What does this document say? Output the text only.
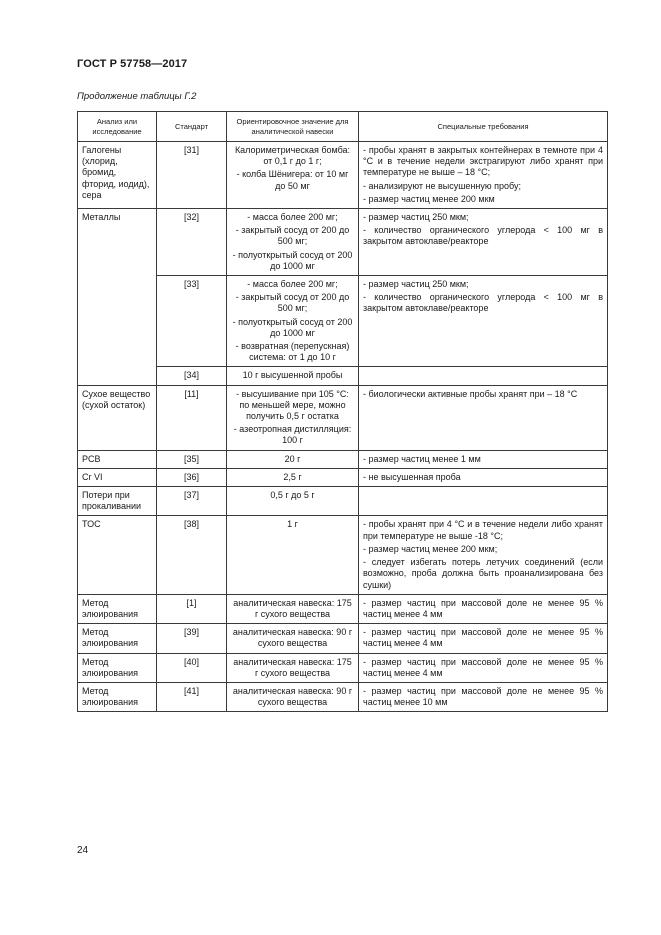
ГОСТ Р 57758—2017
Продолжение таблицы Г.2
Анализ или исследование	Стандарт	Ориентировочное значение для аналитической навески	Специальные требования
Галогены (хлорид, бромид, фторид, иодид), сера	[31]	Калориметрическая бомба: от 0,1 г до 1 г;
- колба Шёнигера: от 10 мг до 50 мг	- пробы хранят в закрытых контейнерах в темноте при 4 °С и в течение недели экстрагируют либо хранят при температуре не выше – 18 °С;
- анализируют не высушенную пробу;
- размер частиц менее 200 мкм

Металлы	[32]	- масса более 200 мг;
- закрытый сосуд от 200 до 500 мг;
- полуоткрытый сосуд от 200 до 1000 мг	- размер частиц 250 мкм;
- количество органического углерода < 100 мг в закрытом автоклаве/реакторе

	[33]	- масса более 200 мг;
- закрытый сосуд от 200 до 500 мг;
- полуоткрытый сосуд от 200 до 1000 мг
- возвратная (перепускная) система: от 1 до 10 г	- размер частиц 250 мкм;
- количество органического углерода < 100 мг в закрытом автоклаве/реакторе

	[34]	10 г высушенной пробы	

Сухое вещество (сухой остаток)	[11]	- высушивание при 105 °С: по меньшей мере, можно получить 0,5 г остатка
- азеотропная дистилляция: 100 г	- биологически активные пробы хранят при – 18 °С

PCB	[35]	20 г	- размер частиц менее 1 мм

Cr VI	[36]	2,5 г	- не высушенная проба

Потери при прокаливании	[37]	0,5 г до 5 г	

ТОС	[38]	1 г	- пробы хранят при 4 °С и в течение недели либо хранят при температуре не выше -18 °С;
- размер частиц менее 200 мкм;
- следует избегать потерь летучих соединений (если возможно, проба должна быть проанализирована без сушки)

Метод элюирования	[1]	аналитическая навеска: 175 г сухого вещества	- размер частиц при массовой доле не менее 95 % частиц менее 4 мм

Метод элюирования	[39]	аналитическая навеска: 90 г сухого вещества	- размер частиц при массовой доле не менее 95 % частиц менее 4 мм

Метод элюирования	[40]	аналитическая навеска: 175 г сухого вещества	- размер частиц при массовой доле не менее 95 % частиц менее 4 мм

Метод элюирования	[41]	аналитическая навеска: 90 г сухого вещества	- размер частиц при массовой доле не менее 95 % частиц менее 10 мм
24
